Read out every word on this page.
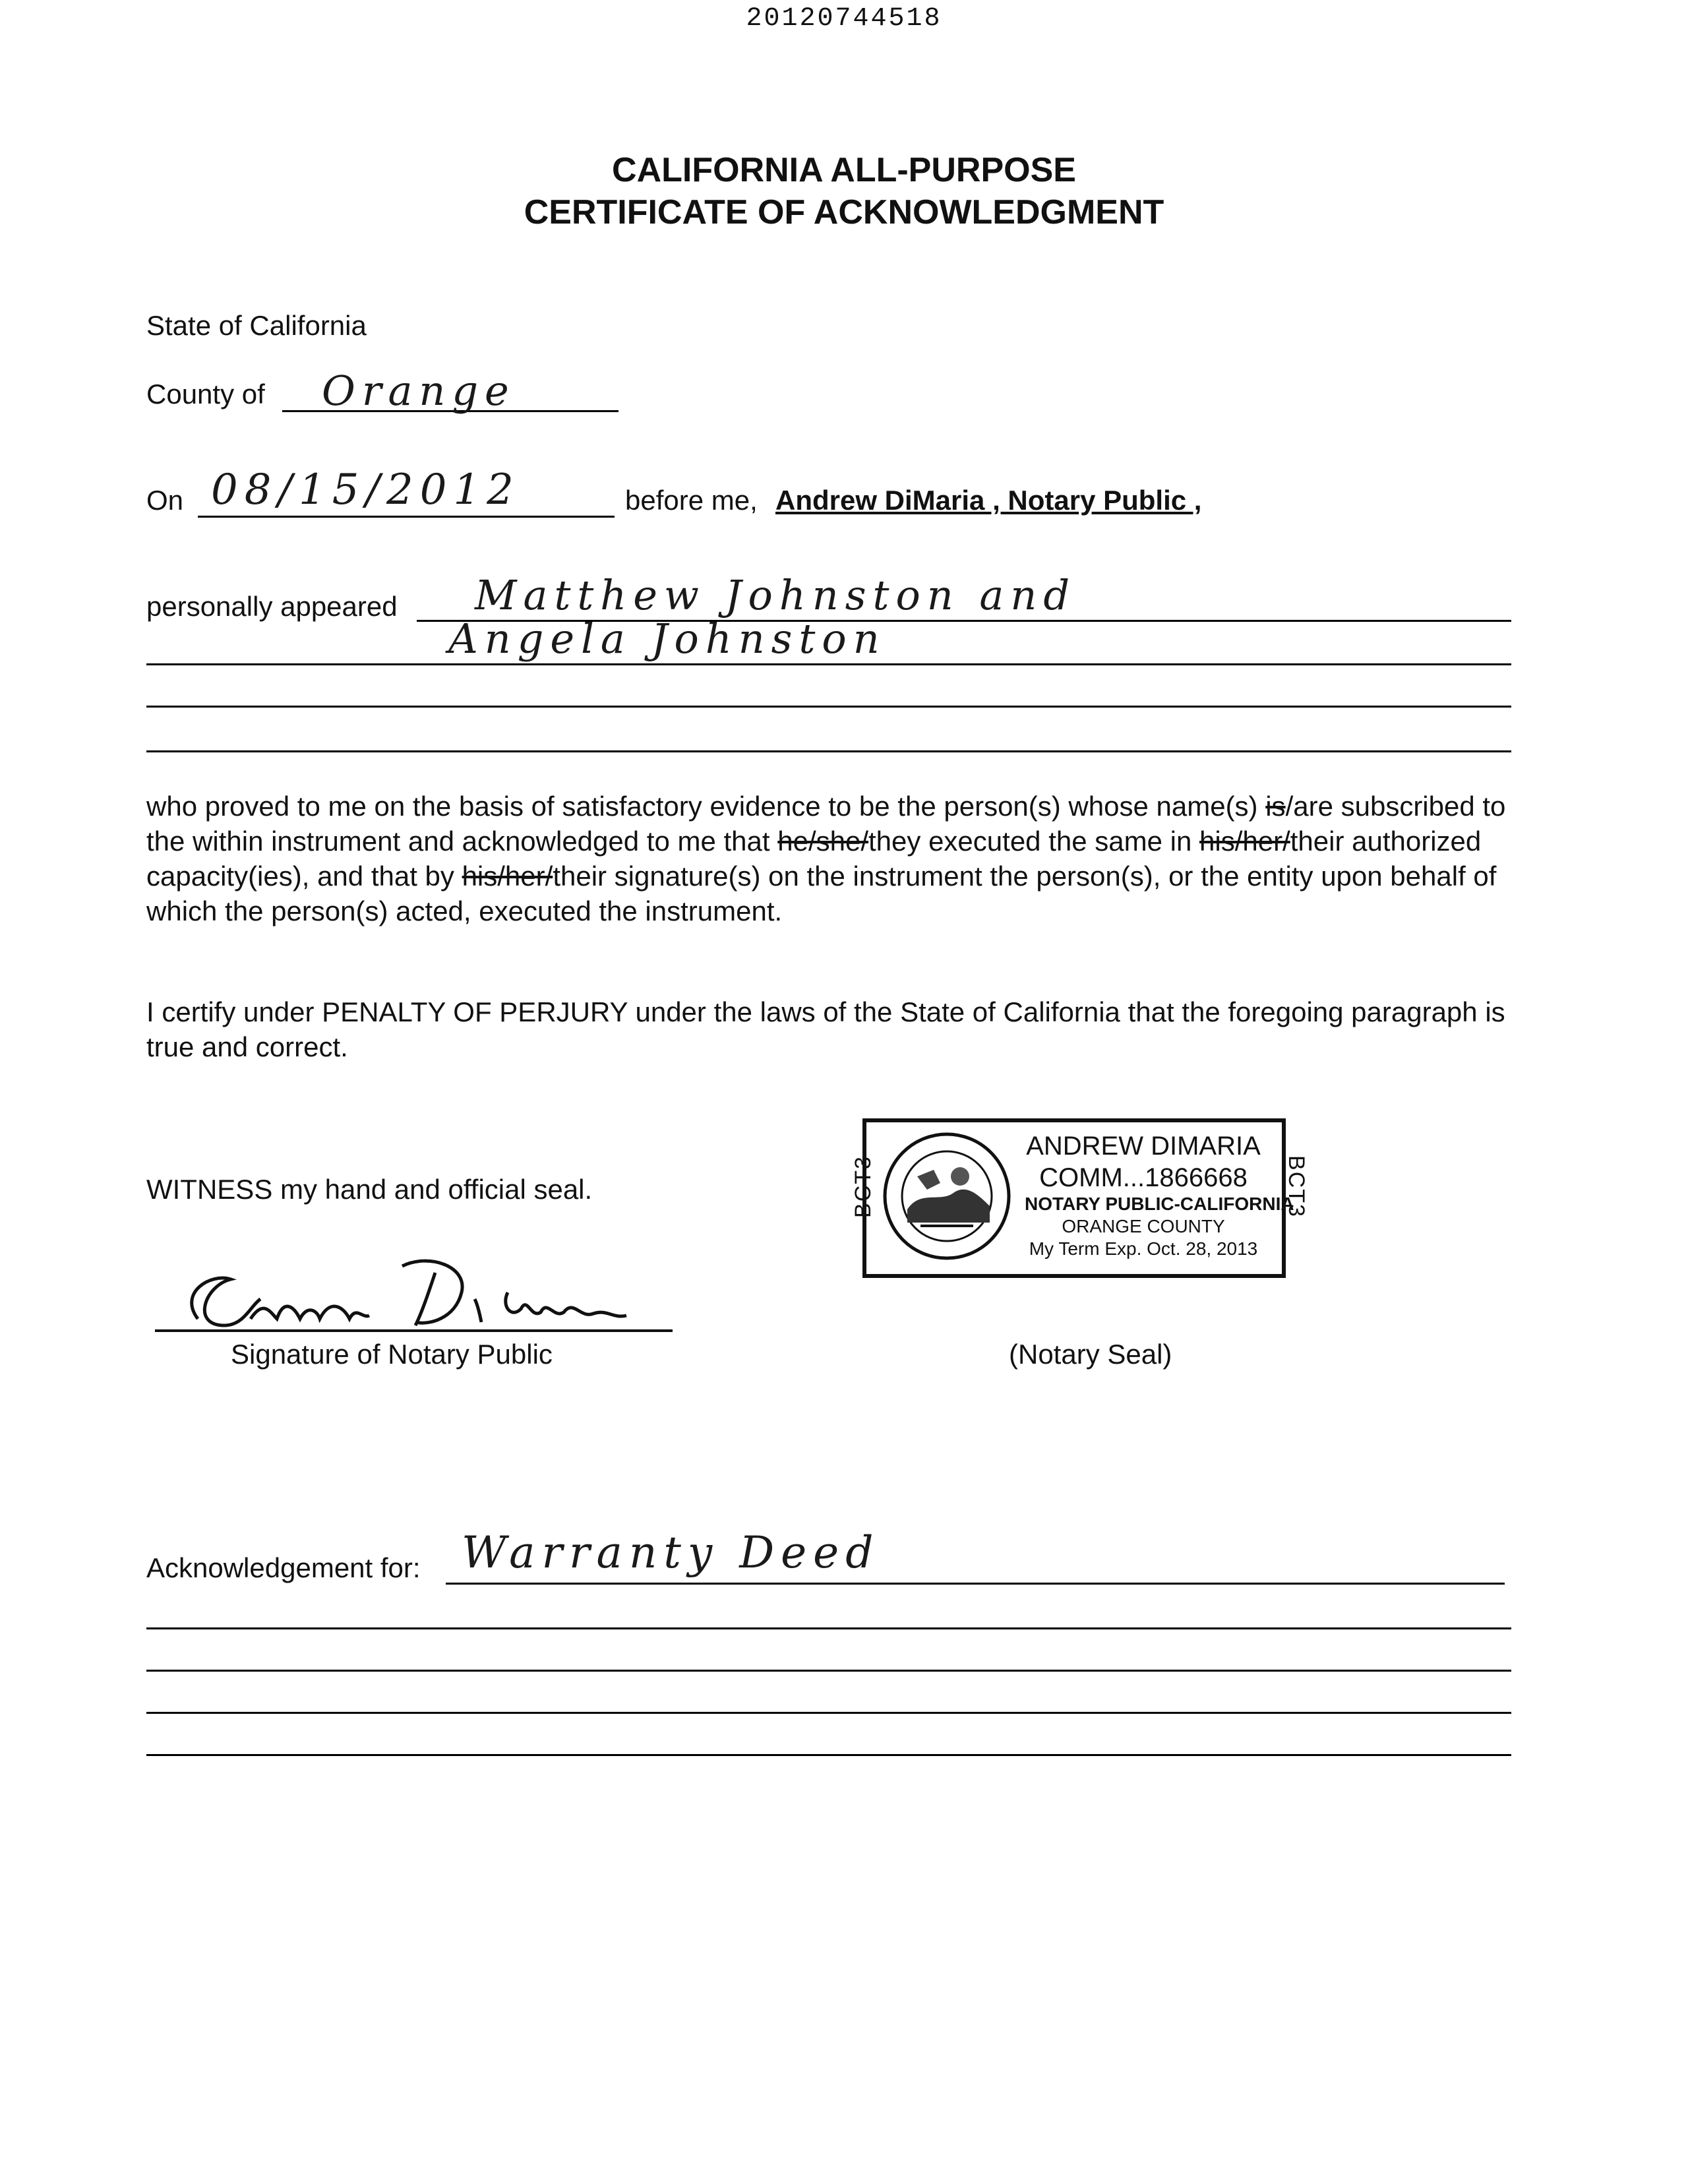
20120744518
CALIFORNIA ALL-PURPOSE
CERTIFICATE OF ACKNOWLEDGMENT
State of California
County of Orange
On 08/15/2012	before me, Andrew DiMaria , Notary Public ,
personally appeared Matthew Johnston and
Angela Johnston
who proved to me on the basis of satisfactory evidence to be the person(s) whose name(s) is/are subscribed to the within instrument and acknowledged to me that he/she/they executed the same in his/her/their authorized capacity(ies), and that by his/her/their signature(s) on the instrument the person(s), or the entity upon behalf of which the person(s) acted, executed the instrument.
I certify under PENALTY OF PERJURY under the laws of the State of California that the foregoing paragraph is true and correct.
WITNESS my hand and official seal.
Signature of Notary Public
ANDREW DIMARIA
COMM...1866668
NOTARY PUBLIC-CALIFORNIA
ORANGE COUNTY
My Term Exp. Oct. 28, 2013
BCT3	BCT3
(Notary Seal)
Acknowledgement for: Warranty Deed
